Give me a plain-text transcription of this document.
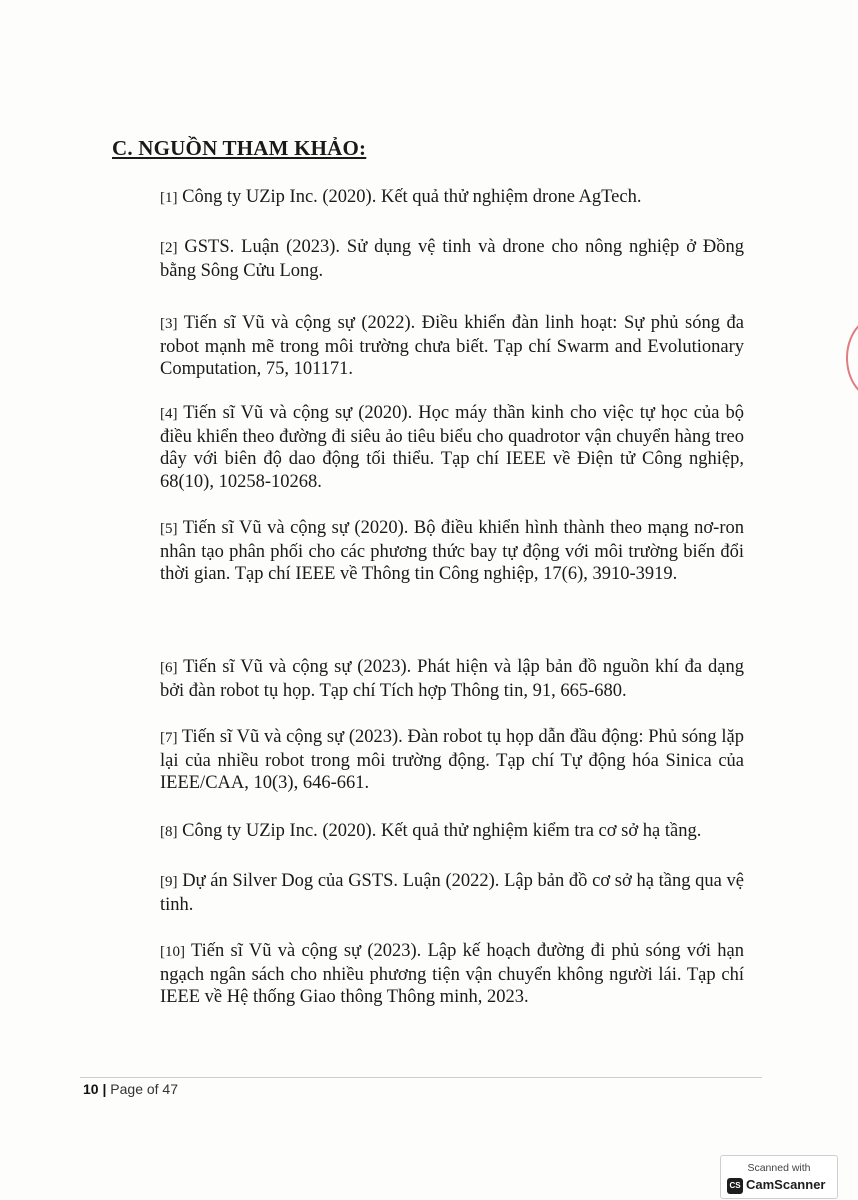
C. NGUỒN THAM KHẢO:

[1] Công ty UZip Inc. (2020). Kết quả thử nghiệm drone AgTech.

[2] GSTS. Luận (2023). Sử dụng vệ tinh và drone cho nông nghiệp ở Đồng bằng Sông Cửu Long.

[3] Tiến sĩ Vũ và cộng sự (2022). Điều khiển đàn linh hoạt: Sự phủ sóng đa robot mạnh mẽ trong môi trường chưa biết. Tạp chí Swarm and Evolutionary Computation, 75, 101171.

[4] Tiến sĩ Vũ và cộng sự (2020). Học máy thần kinh cho việc tự học của bộ điều khiển theo đường đi siêu ảo tiêu biểu cho quadrotor vận chuyển hàng treo dây với biên độ dao động tối thiểu. Tạp chí IEEE về Điện tử Công nghiệp, 68(10), 10258-10268.

[5] Tiến sĩ Vũ và cộng sự (2020). Bộ điều khiển hình thành theo mạng nơ-ron nhân tạo phân phối cho các phương thức bay tự động với môi trường biến đổi thời gian. Tạp chí IEEE về Thông tin Công nghiệp, 17(6), 3910-3919.

[6] Tiến sĩ Vũ và cộng sự (2023). Phát hiện và lập bản đồ nguồn khí đa dạng bởi đàn robot tụ họp. Tạp chí Tích hợp Thông tin, 91, 665-680.

[7] Tiến sĩ Vũ và cộng sự (2023). Đàn robot tụ họp dẫn đầu động: Phủ sóng lặp lại của nhiều robot trong môi trường động. Tạp chí Tự động hóa Sinica của IEEE/CAA, 10(3), 646-661.

[8] Công ty UZip Inc. (2020). Kết quả thử nghiệm kiểm tra cơ sở hạ tầng.

[9] Dự án Silver Dog của GSTS. Luận (2022). Lập bản đồ cơ sở hạ tầng qua vệ tinh.

[10] Tiến sĩ Vũ và cộng sự (2023). Lập kế hoạch đường đi phủ sóng với hạn ngạch ngân sách cho nhiều phương tiện vận chuyển không người lái. Tạp chí IEEE về Hệ thống Giao thông Thông minh, 2023.

10 | Page of 47
Scanned with
CS CamScanner
